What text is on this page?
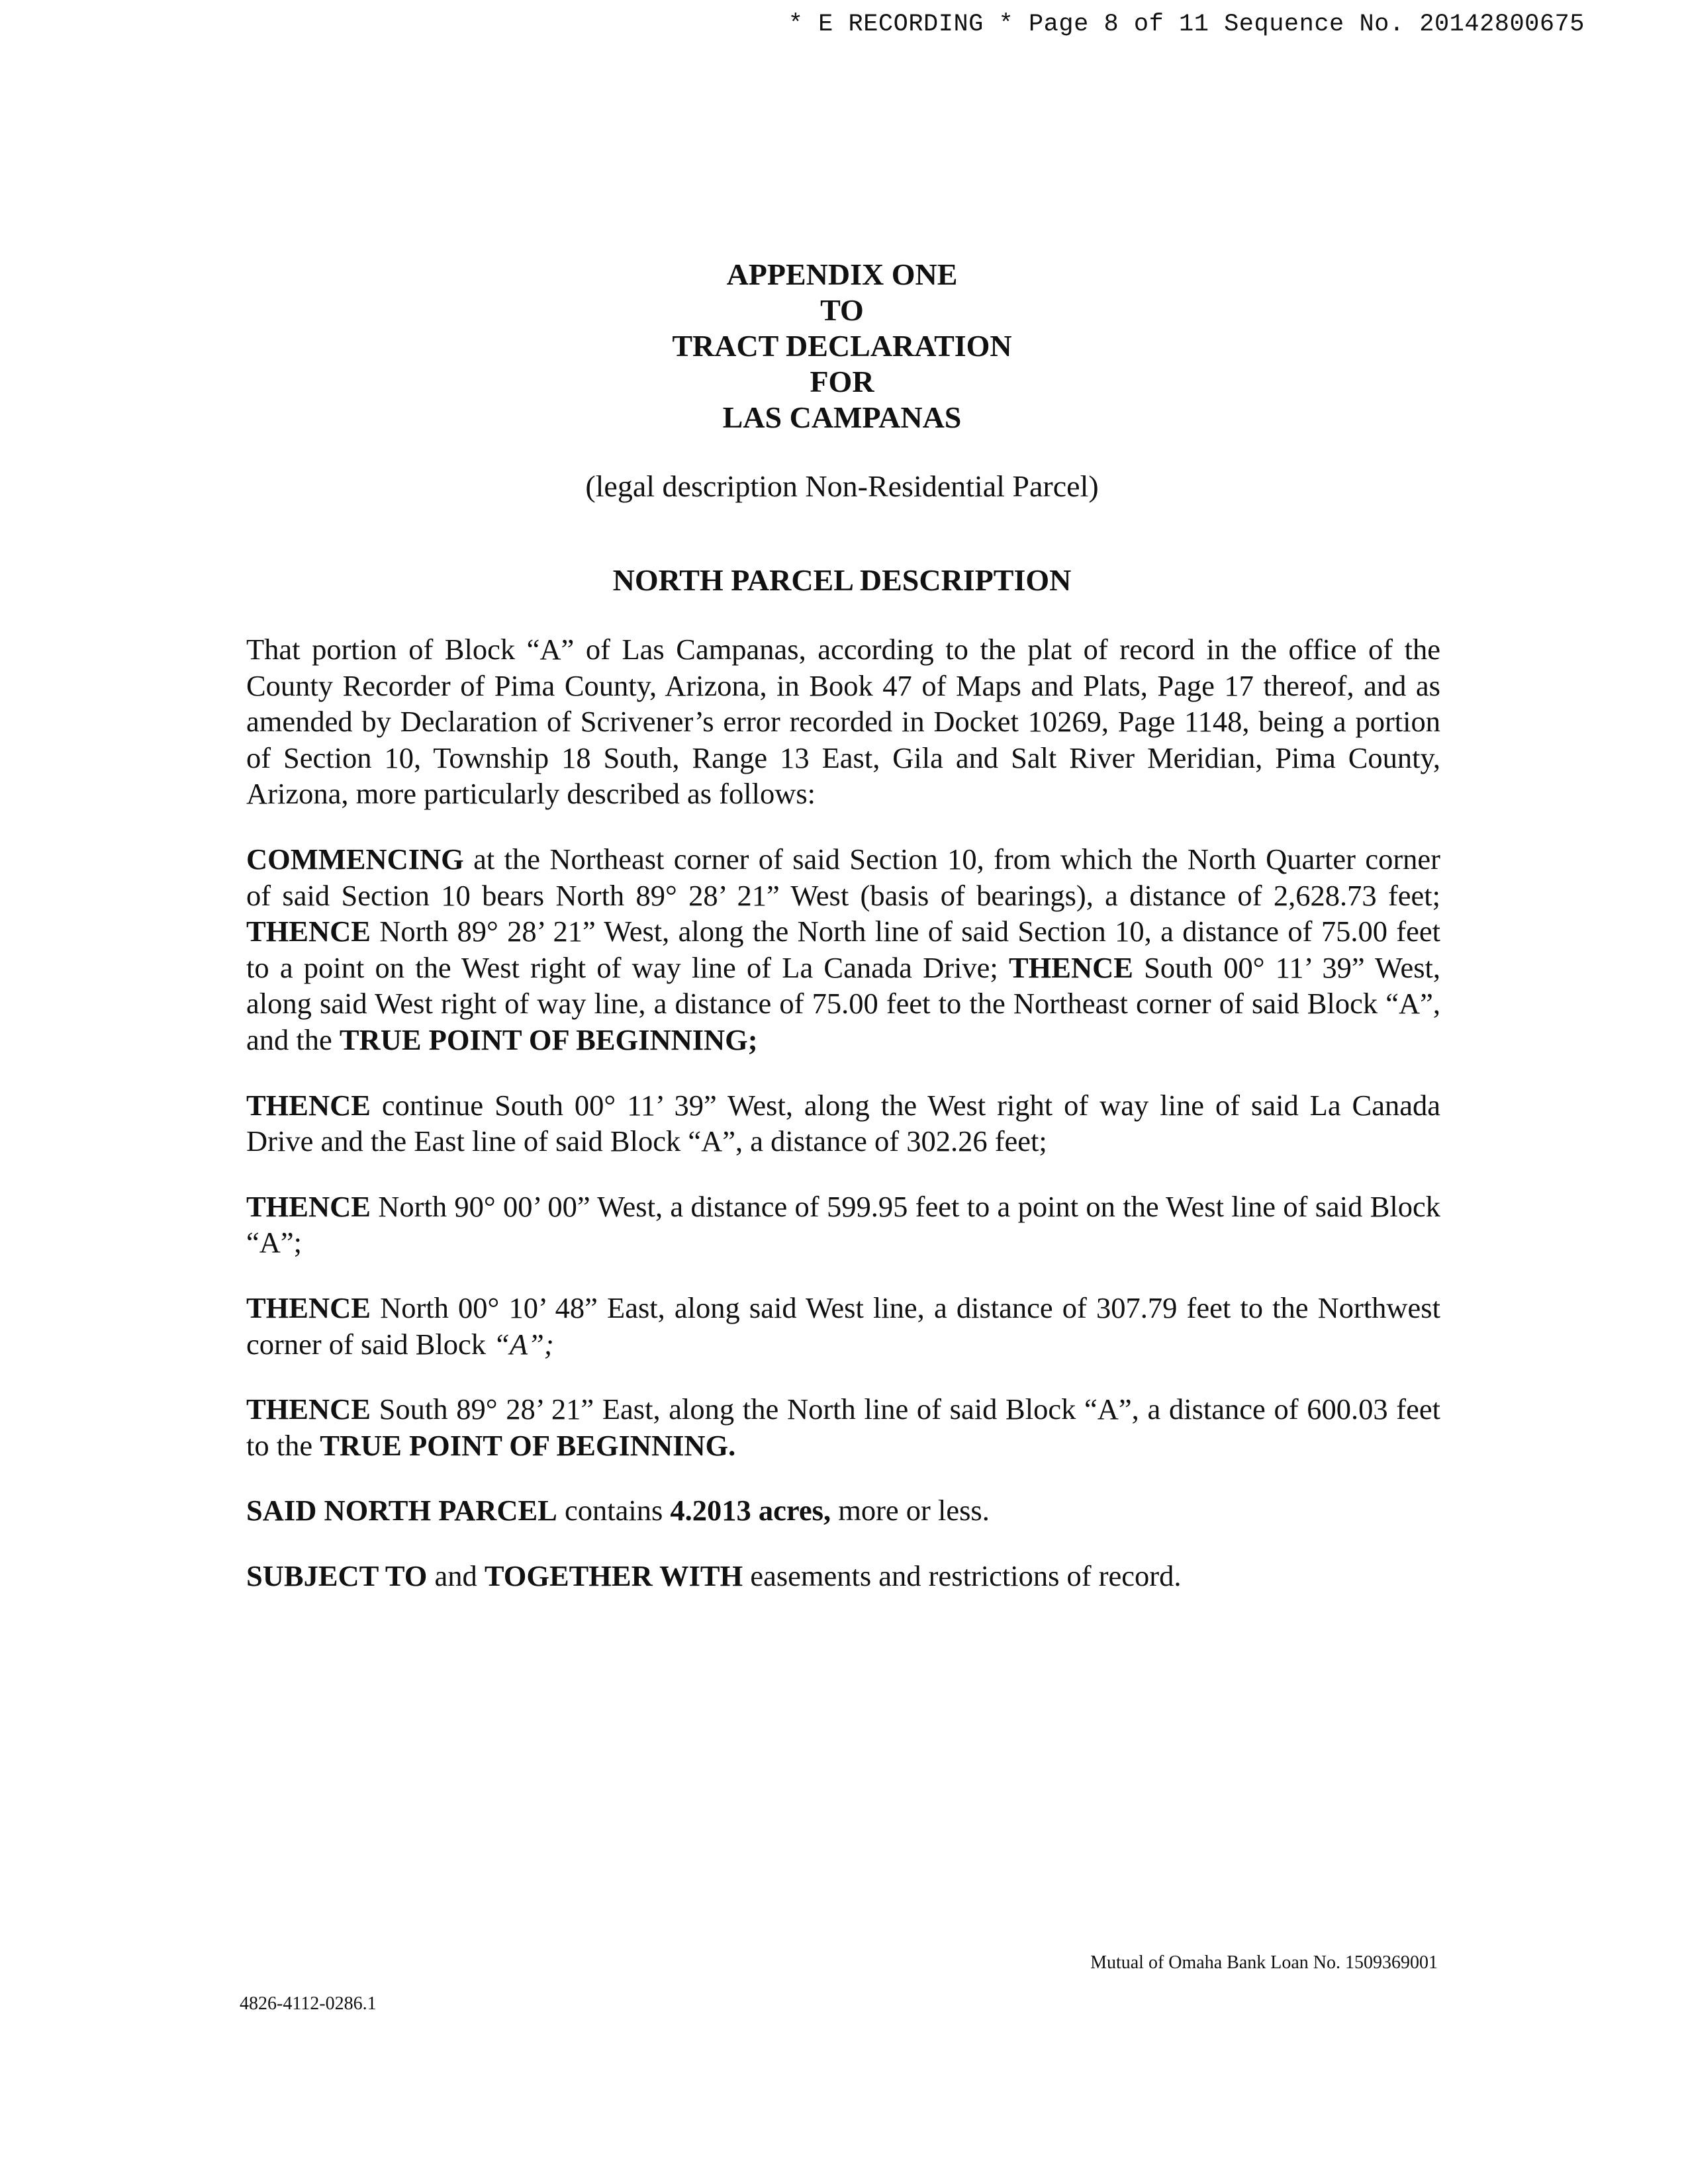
* E RECORDING * Page 8 of 11 Sequence No. 20142800675
APPENDIX ONE
TO
TRACT DECLARATION
FOR
LAS CAMPANAS
(legal description Non-Residential Parcel)
NORTH PARCEL DESCRIPTION

That portion of Block “A” of Las Campanas, according to the plat of record in the office of the County Recorder of Pima County, Arizona, in Book 47 of Maps and Plats, Page 17 thereof, and as amended by Declaration of Scrivener’s error recorded in Docket 10269, Page 1148, being a portion of Section 10, Township 18 South, Range 13 East, Gila and Salt River Meridian, Pima County, Arizona, more particularly described as follows:

COMMENCING at the Northeast corner of said Section 10, from which the North Quarter corner of said Section 10 bears North 89° 28’ 21” West (basis of bearings), a distance of 2,628.73 feet; THENCE North 89° 28’ 21” West, along the North line of said Section 10, a distance of 75.00 feet to a point on the West right of way line of La Canada Drive; THENCE South 00° 11’ 39” West, along said West right of way line, a distance of 75.00 feet to the Northeast corner of said Block “A”, and the TRUE POINT OF BEGINNING;

THENCE continue South 00° 11’ 39” West, along the West right of way line of said La Canada Drive and the East line of said Block “A”, a distance of 302.26 feet;

THENCE North 90° 00’ 00” West, a distance of 599.95 feet to a point on the West line of said Block “A”;

THENCE North 00° 10’ 48” East, along said West line, a distance of 307.79 feet to the Northwest corner of said Block “A”;

THENCE South 89° 28’ 21” East, along the North line of said Block “A”, a distance of 600.03 feet to the TRUE POINT OF BEGINNING.

SAID NORTH PARCEL contains 4.2013 acres, more or less.

SUBJECT TO and TOGETHER WITH easements and restrictions of record.

Mutual of Omaha Bank Loan No. 1509369001
4826-4112-0286.1
